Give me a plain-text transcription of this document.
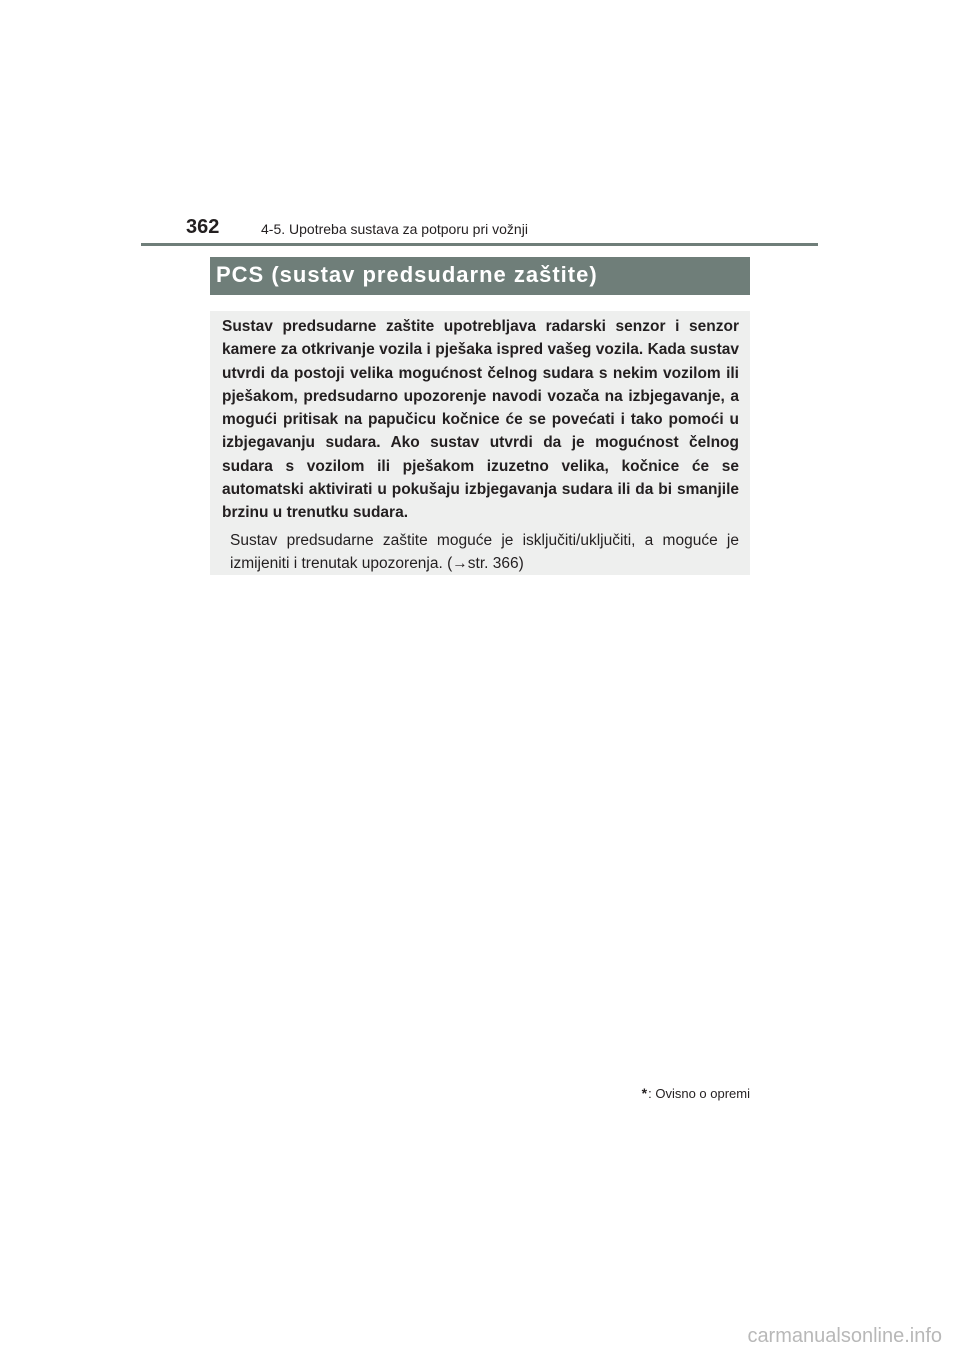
362	4-5. Upotreba sustava za potporu pri vožnji
PCS (sustav predsudarne zaštite)

Sustav predsudarne zaštite upotrebljava radarski senzor i senzor kamere za otkrivanje vozila i pješaka ispred vašeg vozila. Kada sustav utvrdi da postoji velika mogućnost čelnog sudara s nekim vozilom ili pješakom, predsudarno upozorenje navodi vozača na izbjegavanje, a mogući pritisak na papučicu kočnice će se povećati i tako pomoći u izbjegavanju sudara. Ako sustav utvrdi da je mogućnost čelnog sudara s vozilom ili pješakom izuzetno velika, kočnice će se automatski aktivirati u pokušaju izbjegavanja sudara ili da bi smanjile brzinu u trenutku sudara.

Sustav predsudarne zaštite moguće je isključiti/uključiti, a moguće je izmijeniti i trenutak upozorenja. (→str. 366)

*: Ovisno o opremi
carmanualsonline.info
